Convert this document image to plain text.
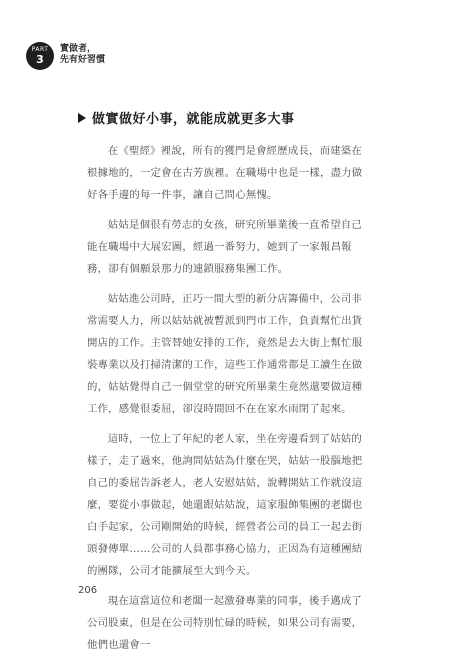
PART
3
實做者，
先有好習慣
做實做好小事，就能成就更多大事

在《聖經》裡說，所有的獲門是會經歷成長，而建築在根據地的，一定會在古芳族裡。在職場中也是一樣，盡力做好各手邊的每一件事，讓自己問心無愧。

姑姑是個很有勞志的女孩，研究所畢業後一直希望自己能在職場中大展宏圖，經過一番努力，她到了一家報昌報務，卻有個願景那力的連鎖服務集團工作。

姑姑進公司時，正巧一間大型的新分店籌備中，公司非常需要人力，所以姑姑就被暫派到門市工作，負責幫忙出貨開店的工作。主管替她安排的工作，竟然是去大街上幫忙服裝專業以及打掃清潔的工作，這些工作通常都是工讀生在做的，姑姑覺得自己一個堂堂的研究所畢業生竟然還要做這種工作，感覺很委屈，卻沒時間回不在在家水雨閉了起來。

這時，一位上了年紀的老人家，坐在旁邊看到了姑姑的樣子，走了過來，他詢問姑姑為什麼在哭，姑姑一股腦地把自己的委屈告訴老人，老人安慰姑姑，說轉開姑工作就沒這麼，要從小事做起，她還跟姑姑說，這家服飾集團的老闆也白手起家，公司剛開始的時候，經營者公司的員工一起去街頭發傳單……公司的人員都事務心協力，正因為有這種團結的團隊，公司才能擴展至大到今天。

現在這當這位和老闆一起激發專業的同事，後手邁成了公司股東，但是在公司特別忙碌的時候，如果公司有需要，他們也還會一

206
